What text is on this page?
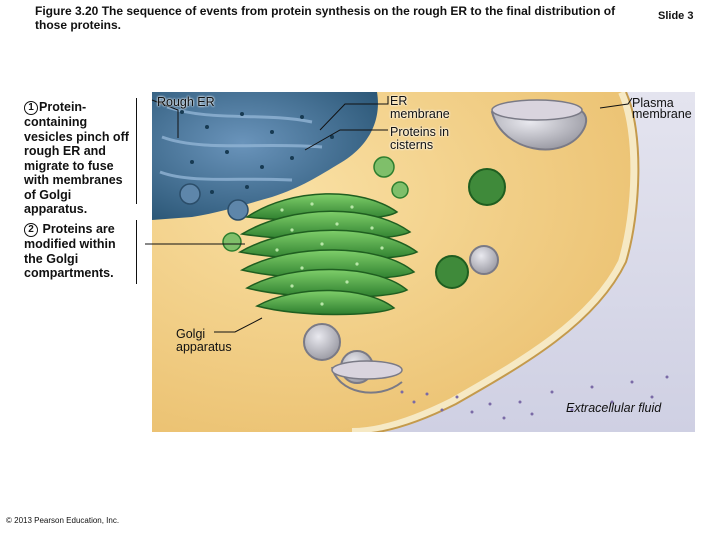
Figure 3.20 The sequence of events from protein synthesis on the rough ER to the final distribution of those proteins.
Slide 3
1 Protein-containing vesicles pinch off rough ER and migrate to fuse with membranes of Golgi apparatus.
2 Proteins are modified within the Golgi compartments.
Rough ER	ER membrane
Proteins in cisterns
Plasma membrane
Golgi apparatus
Extracellular fluid
© 2013 Pearson Education, Inc.
